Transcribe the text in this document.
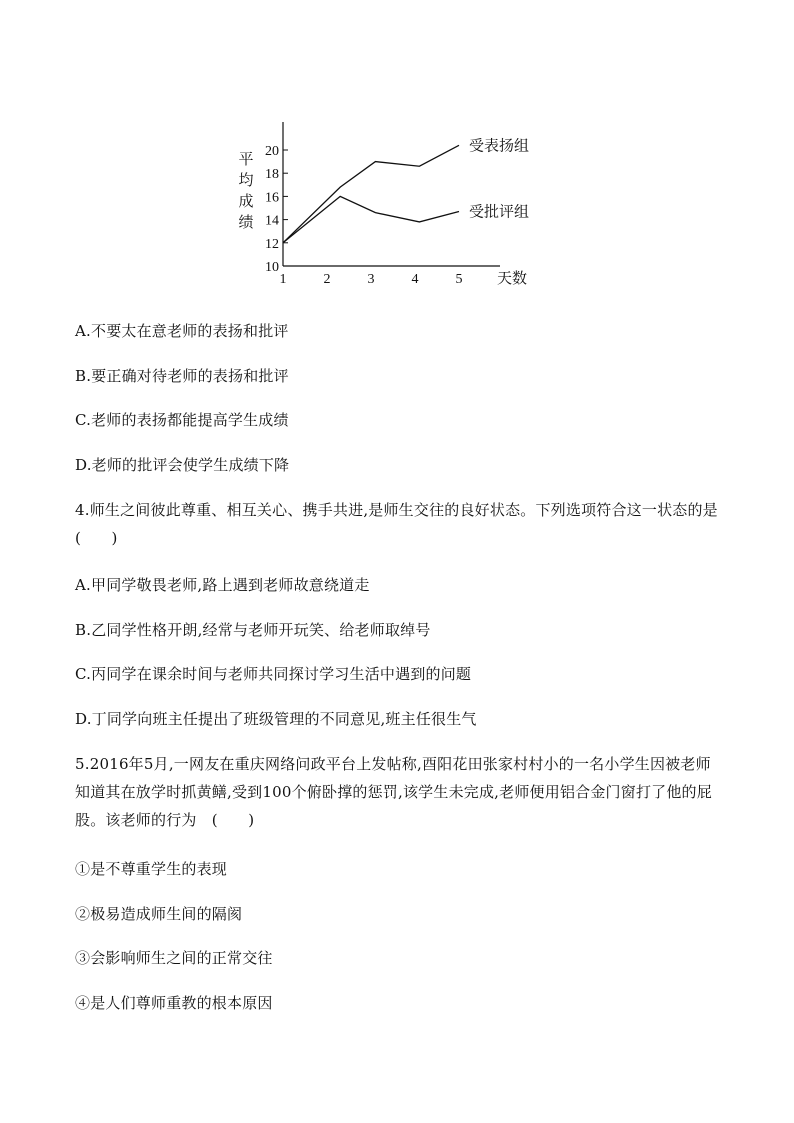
10
12
14
16
18
20
1	2	3	4	5
平
均
成
绩
天数
受表扬组
受批评组
A.不要太在意老师的表扬和批评
B.要正确对待老师的表扬和批评
C.老师的表扬都能提高学生成绩
D.老师的批评会使学生成绩下降
4.师生之间彼此尊重、相互关心、携手共进,是师生交往的良好状态。下列选项符合这一状态的是　(　　)
A.甲同学敬畏老师,路上遇到老师故意绕道走
B.乙同学性格开朗,经常与老师开玩笑、给老师取绰号
C.丙同学在课余时间与老师共同探讨学习生活中遇到的问题
D.丁同学向班主任提出了班级管理的不同意见,班主任很生气
5.2016年5月,一网友在重庆网络问政平台上发帖称,酉阳花田张家村村小的一名小学生因被老师知道其在放学时抓黄鳝,受到100个俯卧撑的惩罚,该学生未完成,老师便用铝合金门窗打了他的屁股。该老师的行为　(　　)
①是不尊重学生的表现
②极易造成师生间的隔阂
③会影响师生之间的正常交往
④是人们尊师重教的根本原因
